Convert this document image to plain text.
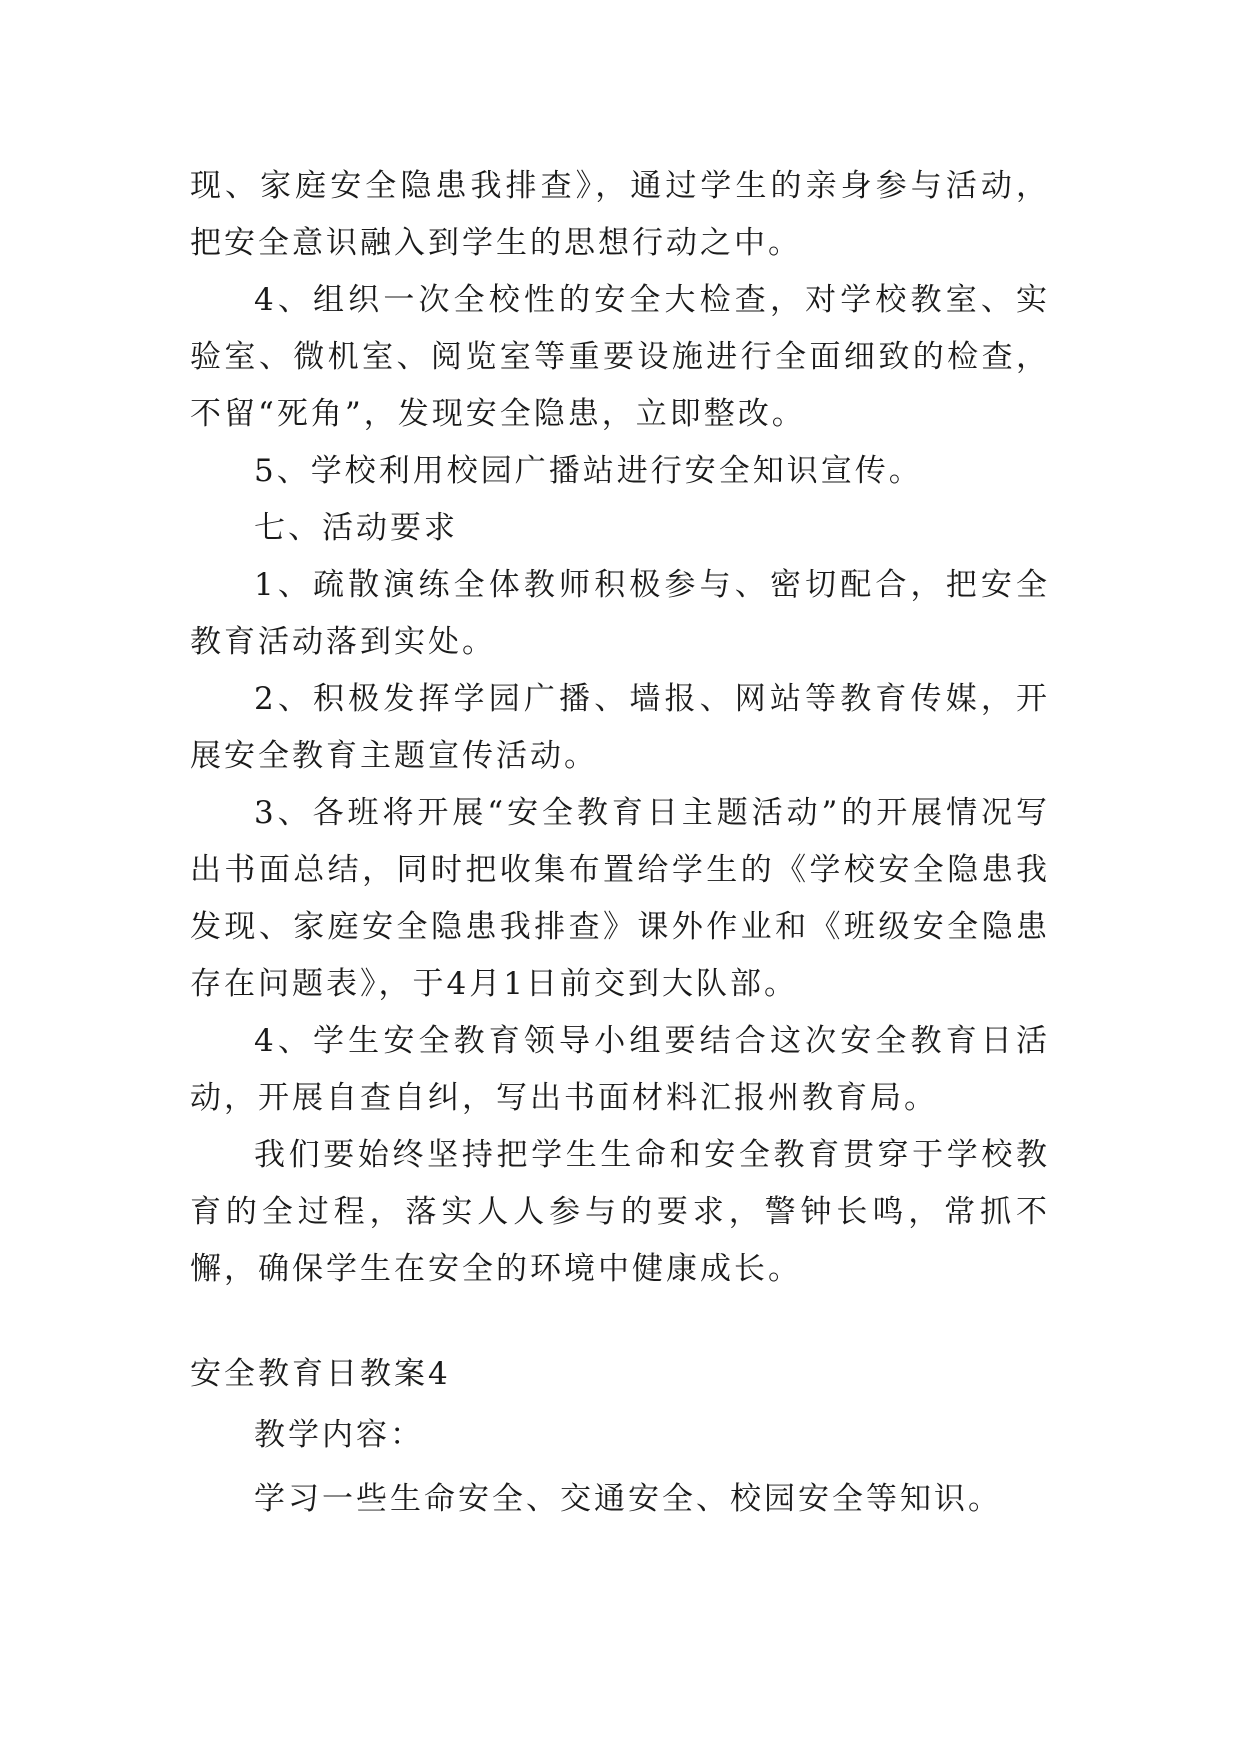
现、家庭安全隐患我排查》，通过学生的亲身参与活动，把安全意识融入到学生的思想行动之中。

4、组织一次全校性的安全大检查，对学校教室、实验室、微机室、阅览室等重要设施进行全面细致的检查，不留“死角”，发现安全隐患，立即整改。

5、学校利用校园广播站进行安全知识宣传。

七、活动要求

1、疏散演练全体教师积极参与、密切配合，把安全教育活动落到实处。

2、积极发挥学园广播、墙报、网站等教育传媒，开展安全教育主题宣传活动。

3、各班将开展“安全教育日主题活动”的开展情况写出书面总结，同时把收集布置给学生的《学校安全隐患我发现、家庭安全隐患我排查》课外作业和《班级安全隐患存在问题表》，于4月1日前交到大队部。

4、学生安全教育领导小组要结合这次安全教育日活动，开展自查自纠，写出书面材料汇报州教育局。

我们要始终坚持把学生生命和安全教育贯穿于学校教育的全过程，落实人人参与的要求，警钟长鸣，常抓不懈，确保学生在安全的环境中健康成长。

安全教育日教案4

教学内容：

学习一些生命安全、交通安全、校园安全等知识。
